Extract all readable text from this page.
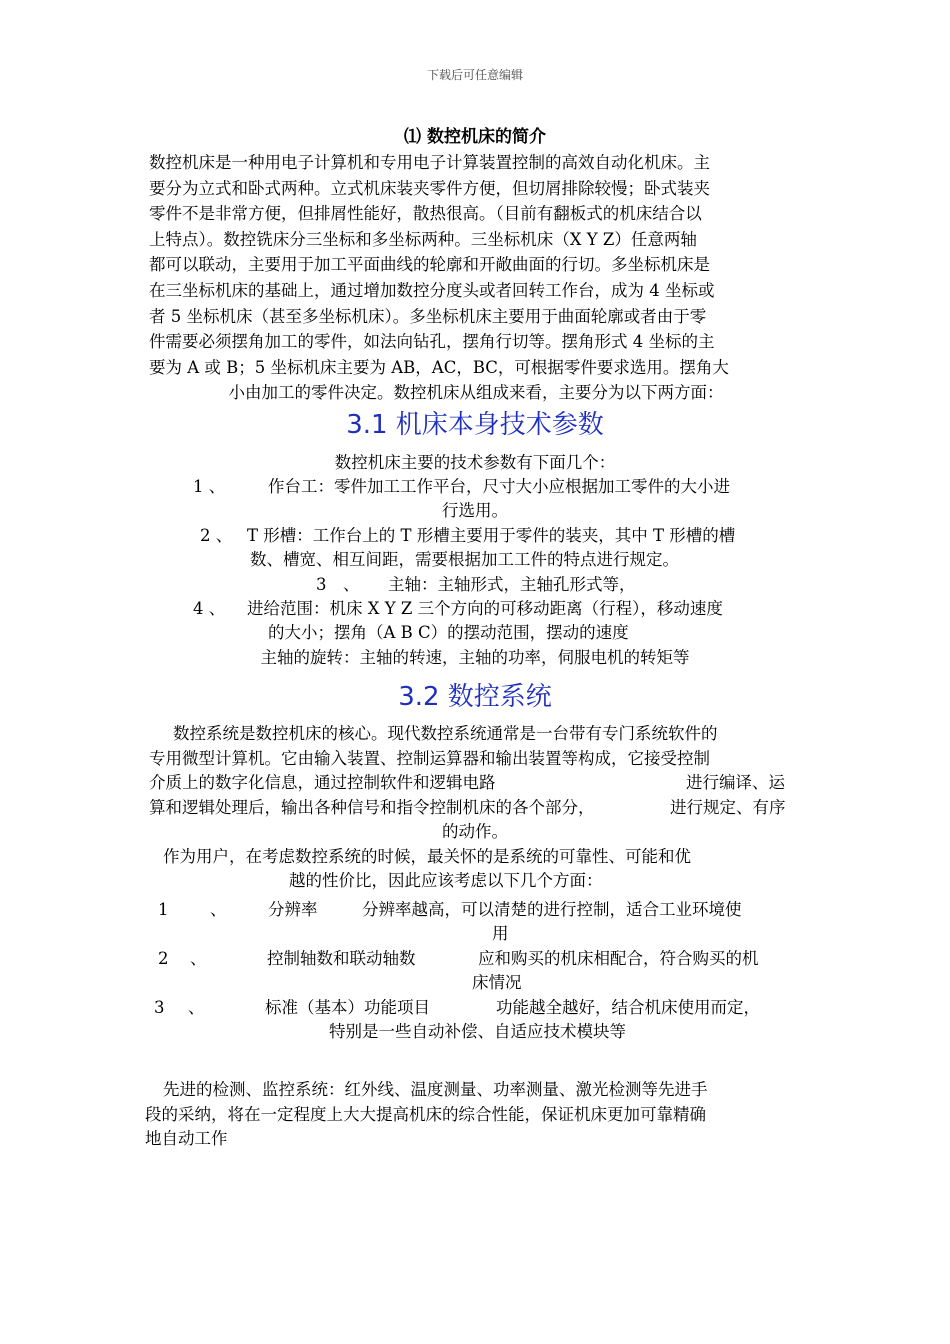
下载后可任意编辑
⑴ 数控机床的简介
数控机床是一种用电子计算机和专用电子计算装置控制的高效自动化机床。主
要分为立式和卧式两种。立式机床装夹零件方便，但切屑排除较慢；卧式装夹
零件不是非常方便，但排屑性能好，散热很高。（目前有翻板式的机床结合以
上特点）。数控铣床分三坐标和多坐标两种。三坐标机床（X Y Z）任意两轴
都可以联动，主要用于加工平面曲线的轮廓和开敞曲面的行切。多坐标机床是
在三坐标机床的基础上，通过增加数控分度头或者回转工作台，成为 4 坐标或
者 5 坐标机床（甚至多坐标机床）。多坐标机床主要用于曲面轮廓或者由于零
件需要必须摆角加工的零件，如法向钻孔，摆角行切等。摆角形式 4 坐标的主
要为 A 或 B；5 坐标机床主要为 AB，AC，BC，可根据零件要求选用。摆角大
小由加工的零件决定。数控机床从组成来看，主要分为以下两方面：
3.1 机床本身技术参数
数控机床主要的技术参数有下面几个：
1 、	作台工：零件加工工作平台，尺寸大小应根据加工零件的大小进
行选用。
2 、 T 形槽：工作台上的 T 形槽主要用于零件的装夹，其中 T 形槽的槽
数、槽宽、相互间距，需要根据加工工件的特点进行规定。
3　、 主轴：主轴形式，主轴孔形式等，
4 、 进给范围：机床 X Y Z 三个方向的可移动距离（行程），移动速度
的大小；摆角（A B C）的摆动范围，摆动的速度
主轴的旋转：主轴的转速，主轴的功率，伺服电机的转矩等
3.2 数控系统
数控系统是数控机床的核心。现代数控系统通常是一台带有专门系统软件的
专用微型计算机。它由输入装置、控制运算器和输出装置等构成，它接受控制
介质上的数字化信息，通过控制软件和逻辑电路	进行编译、运
算和逻辑处理后，输出各种信号和指令控制机床的各个部分，	进行规定、有序
的动作。
作为用户，在考虑数控系统的时候，最关怀的是系统的可靠性、可能和优
越的性价比，因此应该考虑以下几个方面：
1	、	分辨率	分辨率越高，可以清楚的进行控制，适合工业环境使
用
2 、	控制轴数和联动轴数	应和购买的机床相配合，符合购买的机
床情况
3 、	标准（基本）功能项目	功能越全越好，结合机床使用而定，
特别是一些自动补偿、自适应技术模块等
先进的检测、监控系统：红外线、温度测量、功率测量、激光检测等先进手
段的采纳，将在一定程度上大大提高机床的综合性能，保证机床更加可靠精确
地自动工作
